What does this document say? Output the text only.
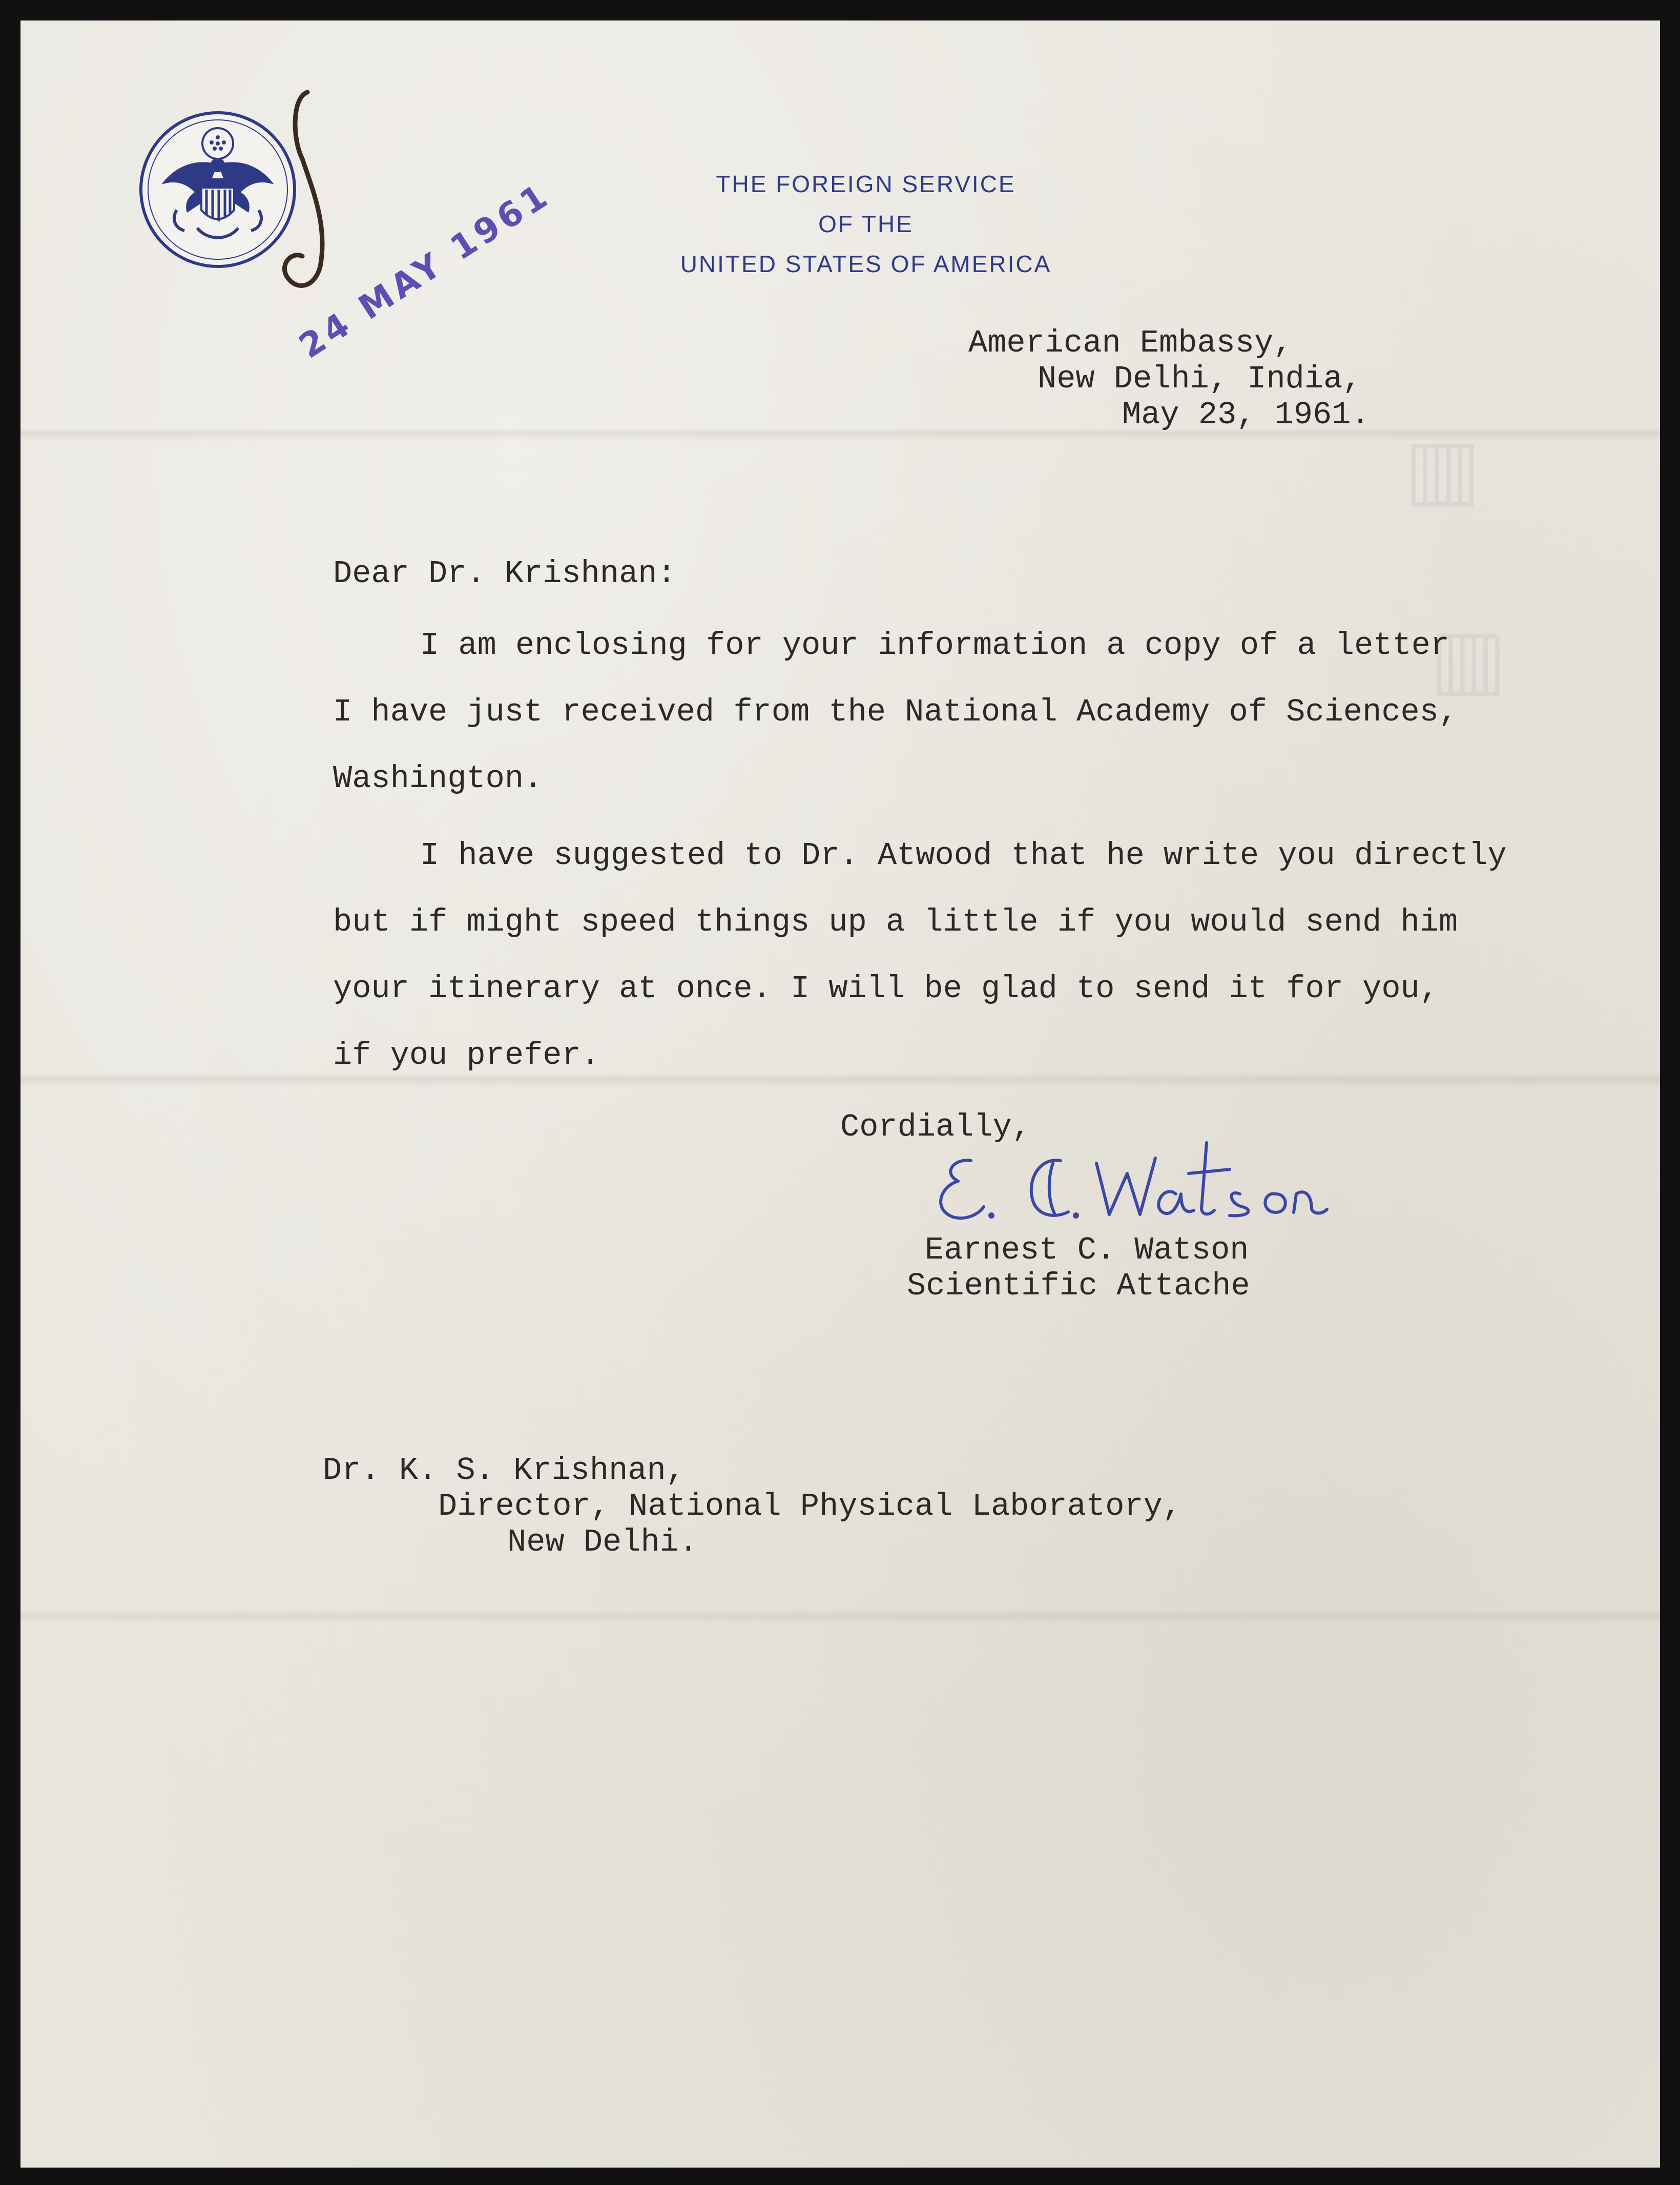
▥
▥
THE FOREIGN SERVICE
OF THE
UNITED STATES OF AMERICA
24 MAY 1961	American Embassy,

New Delhi, India,

May 23, 1961.

Dear Dr. Krishnan:

I am enclosing for your information a copy of a letter

I have just received from the National Academy of Sciences,

Washington.

I have suggested to Dr. Atwood that he write you directly

but if might speed things up a little if you would send him

your itinerary at once. I will be glad to send it for you,

if you prefer.

Cordially,

Earnest C. Watson

Scientific Attache

Dr. K. S. Krishnan,

Director, National Physical Laboratory,

New Delhi.
